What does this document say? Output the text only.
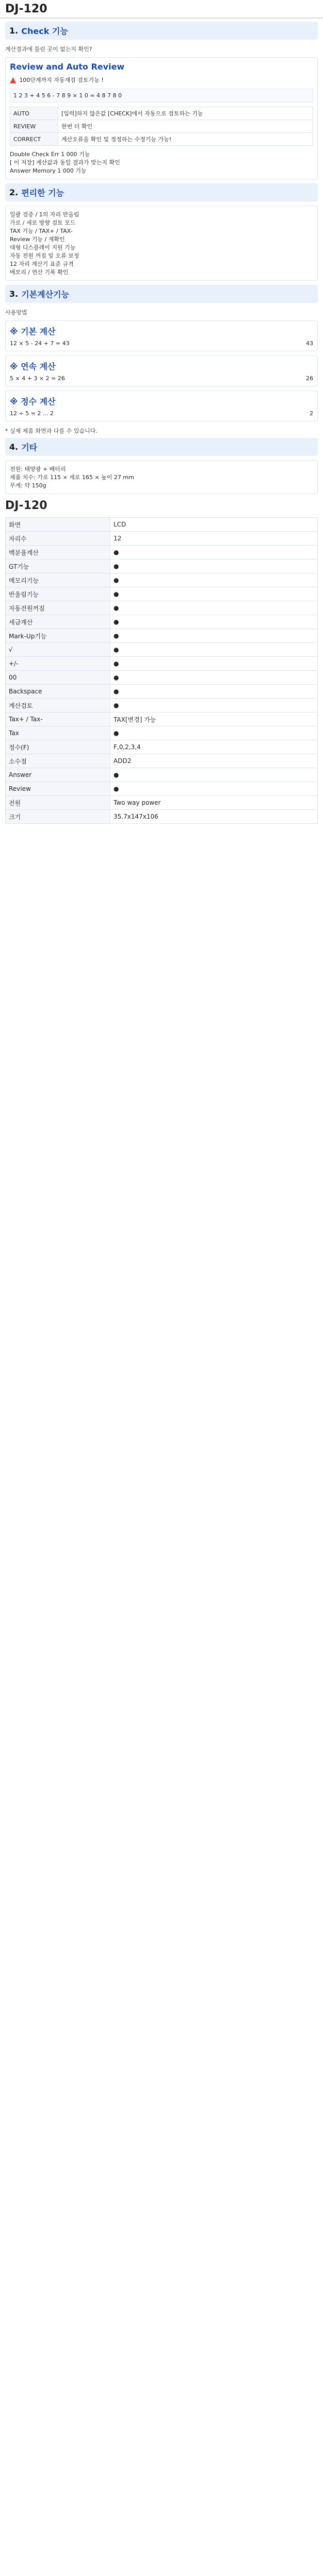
DJ-120
1. Check 기능
계산결과에 틀린 곳이 없는지 확인?
Review and Auto Review
▲ 100단계까지 자동재검 검토기능 !
1 2 3 + 4 5 6 - 7 8 9 × 1 0 = 4 8 7 8 0
AUTO	[입력]하지 않은값 [CHECK]에서 자동으로 검토하는 기능
REVIEW	한번 더 확인
CORRECT	계산오류을 확인 및 정정하는 수정기능 가능!
Double Check Err 1 000 기능
[ 이 저장] 계산값과 동일 결과가 맞는지 확인
Answer Memory 1 000 기능
2. 편리한 기능
일괄 검증 / 1의 자리 반올림
가로 / 세로 방향 검토 모드
TAX 기능 / TAX+ / TAX-
Review 기능 / 재확인
대형 디스플레이 지원 기능
자동 전원 꺼짐 및 오류 보정
12 자리 계산기 표준 규격
메모리 / 연산 기록 확인
3. 기본계산기능
사용방법
※ 기본 계산
12 × 5 - 24 + 7 = 43	43
※ 연속 계산
5 × 4 + 3 × 2 = 26	26
※ 정수 계산
12 ÷ 5 = 2 ... 2	2
* 실제 제품 화면과 다를 수 있습니다.
4. 기타
전원: 태양광 + 배터리
제품 치수: 가로 115 × 세로 165 × 높이 27 mm
무게: 약 150g
DJ-120
화면	LCD
자리수	12
백분율계산	●
GT기능	●
메모리기능	●
반올림기능	●
자동전원꺼짐	●
세금계산	●
Mark-Up기능	●
√	●
+/-	●
00	●
Backspace	●
계산검토	●
Tax+ / Tax-	TAX[변경] 가능
Tax	●
정수(F)	F,0,2,3,4
소수점	ADD2
Answer	●
Review	●
전원	Two way power
크기	35.7x147x106
